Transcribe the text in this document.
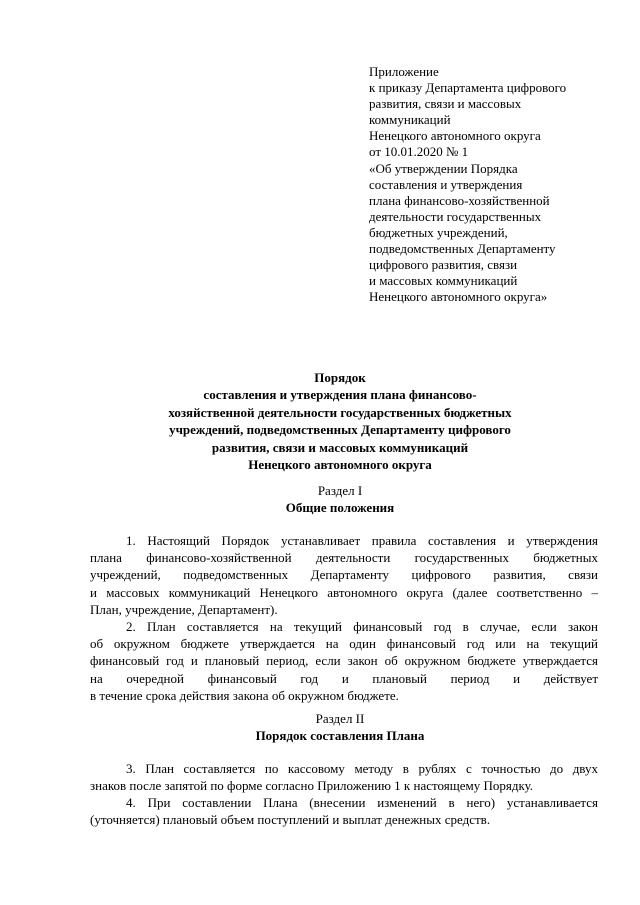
Приложение
к приказу Департамента цифрового
развития, связи и массовых
коммуникаций
Ненецкого автономного округа
от 10.01.2020 № 1
«Об утверждении Порядка
составления и утверждения
плана финансово-хозяйственной
деятельности государственных
бюджетных учреждений,
подведомственных Департаменту
цифрового развития, связи
и массовых коммуникаций
Ненецкого автономного округа»
Порядок
составления и утверждения плана финансово-
хозяйственной деятельности государственных бюджетных
учреждений, подведомственных Департаменту цифрового
развития, связи и массовых коммуникаций
Ненецкого автономного округа
Раздел I
Общие положения
1. Настоящий Порядок устанавливает правила составления и утверждения
плана финансово-хозяйственной деятельности государственных бюджетных
учреждений, подведомственных Департаменту цифрового развития, связи
и массовых коммуникаций Ненецкого автономного округа (далее соответственно –
План, учреждение, Департамент).
2. План составляется на текущий финансовый год в случае, если закон
об окружном бюджете утверждается на один финансовый год или на текущий
финансовый год и плановый период, если закон об окружном бюджете утверждается
на очередной финансовый год и плановый период и действует
в течение срока действия закона об окружном бюджете.
Раздел II
Порядок составления Плана
3. План составляется по кассовому методу в рублях с точностью до двух
знаков после запятой по форме согласно Приложению 1 к настоящему Порядку.
4. При составлении Плана (внесении изменений в него) устанавливается
(уточняется) плановый объем поступлений и выплат денежных средств.
